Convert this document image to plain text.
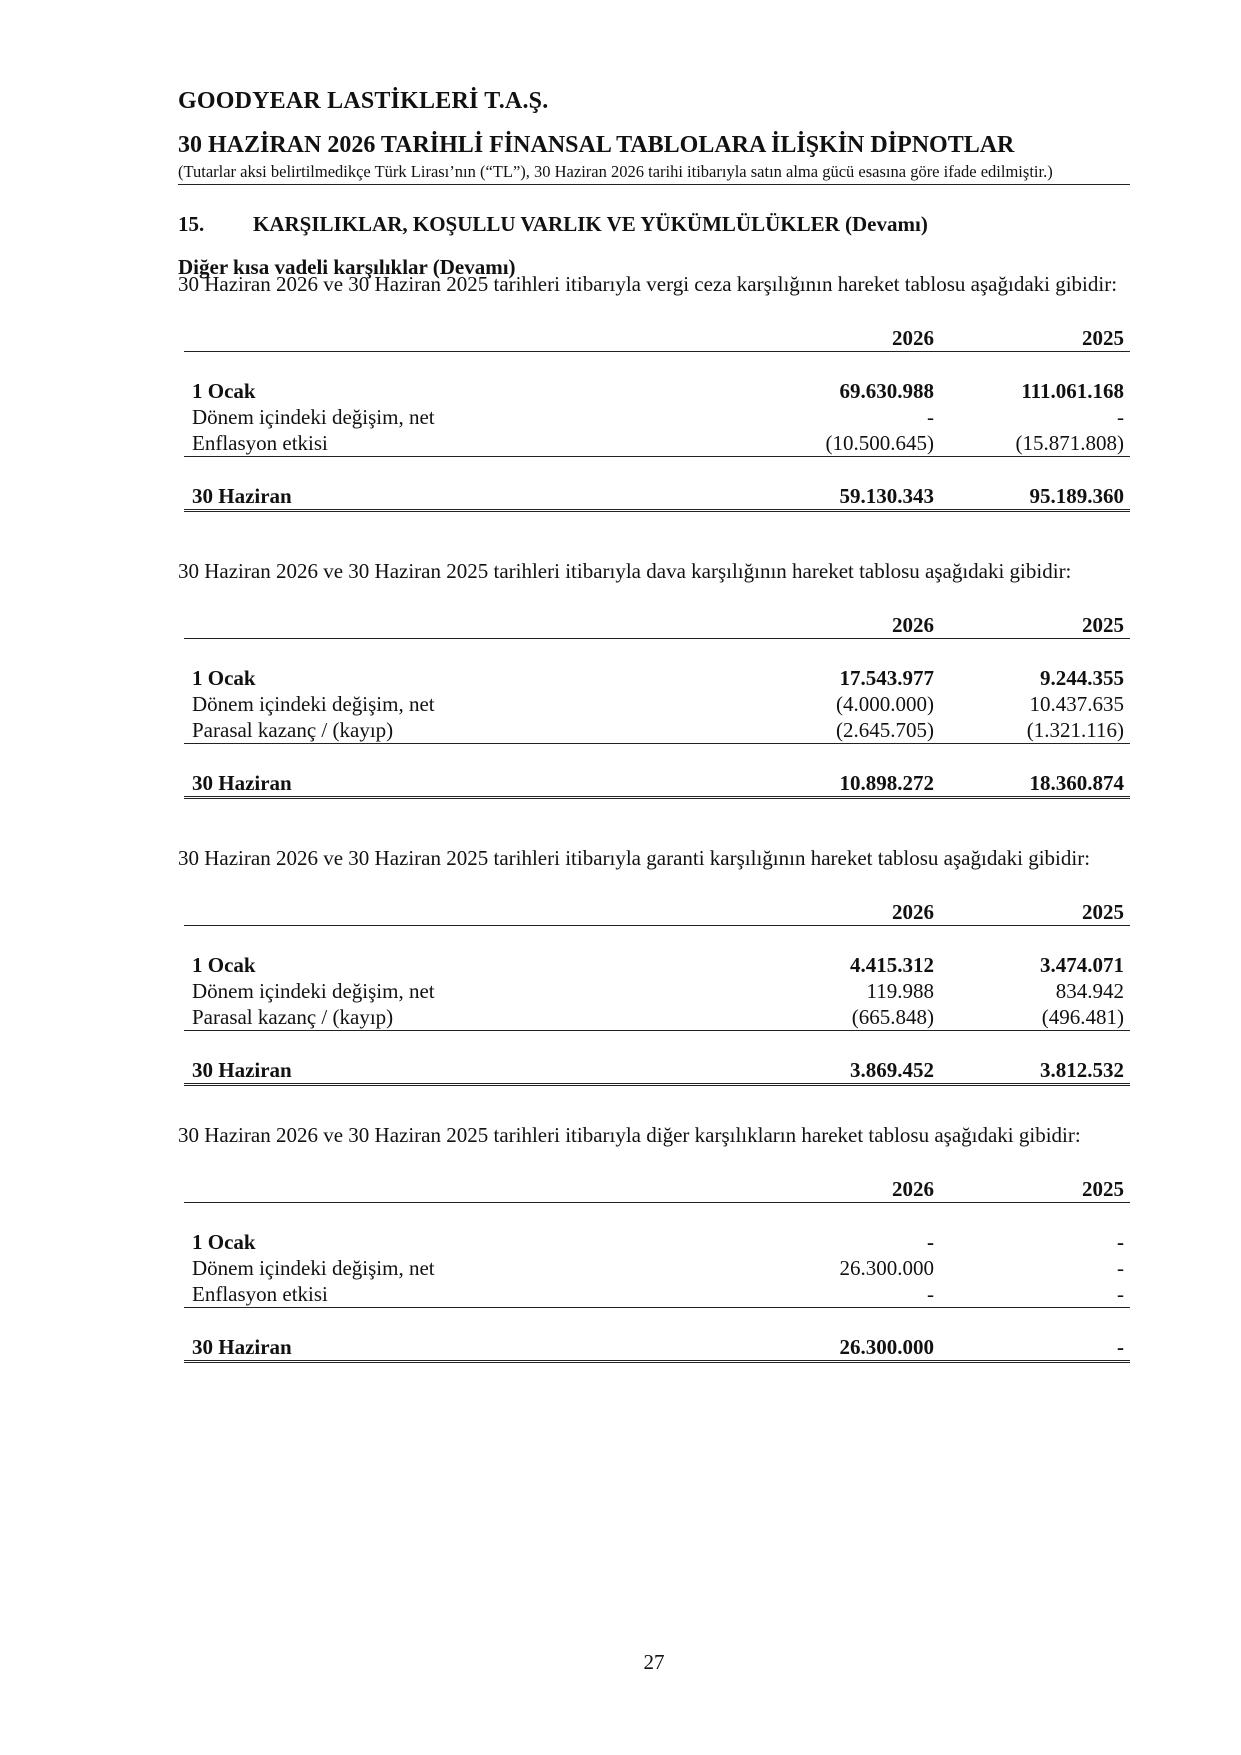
GOODYEAR LASTİKLERİ T.A.Ş.
30 HAZİRAN 2026 TARİHLİ FİNANSAL TABLOLARA İLİŞKİN DİPNOTLAR
(Tutarlar aksi belirtilmedikçe Türk Lirası’nın (“TL”), 30 Haziran 2026 tarihi itibarıyla satın alma gücü esasına göre ifade edilmiştir.)
15. KARŞILIKLAR, KOŞULLU VARLIK VE YÜKÜMLÜLÜKLER (Devamı)
Diğer kısa vadeli karşılıklar (Devamı)
30 Haziran 2026 ve 30 Haziran 2025 tarihleri itibarıyla vergi ceza karşılığının hareket tablosu aşağıdaki gibidir:
	2026	2025

1 Ocak	69.630.988	111.061.168
Dönem içindeki değişim, net	-	-
Enflasyon etkisi	(10.500.645)	(15.871.808)

30 Haziran	59.130.343	95.189.360
30 Haziran 2026 ve 30 Haziran 2025 tarihleri itibarıyla dava karşılığının hareket tablosu aşağıdaki gibidir:
	2026	2025

1 Ocak	17.543.977	9.244.355
Dönem içindeki değişim, net	(4.000.000)	10.437.635
Parasal kazanç / (kayıp)	(2.645.705)	(1.321.116)

30 Haziran	10.898.272	18.360.874
30 Haziran 2026 ve 30 Haziran 2025 tarihleri itibarıyla garanti karşılığının hareket tablosu aşağıdaki gibidir:
	2026	2025

1 Ocak	4.415.312	3.474.071
Dönem içindeki değişim, net	119.988	834.942
Parasal kazanç / (kayıp)	(665.848)	(496.481)

30 Haziran	3.869.452	3.812.532
30 Haziran 2026 ve 30 Haziran 2025 tarihleri itibarıyla diğer karşılıkların hareket tablosu aşağıdaki gibidir:
	2026	2025

1 Ocak	-	-
Dönem içindeki değişim, net	26.300.000	-
Enflasyon etkisi	-	-

30 Haziran	26.300.000	-
27
